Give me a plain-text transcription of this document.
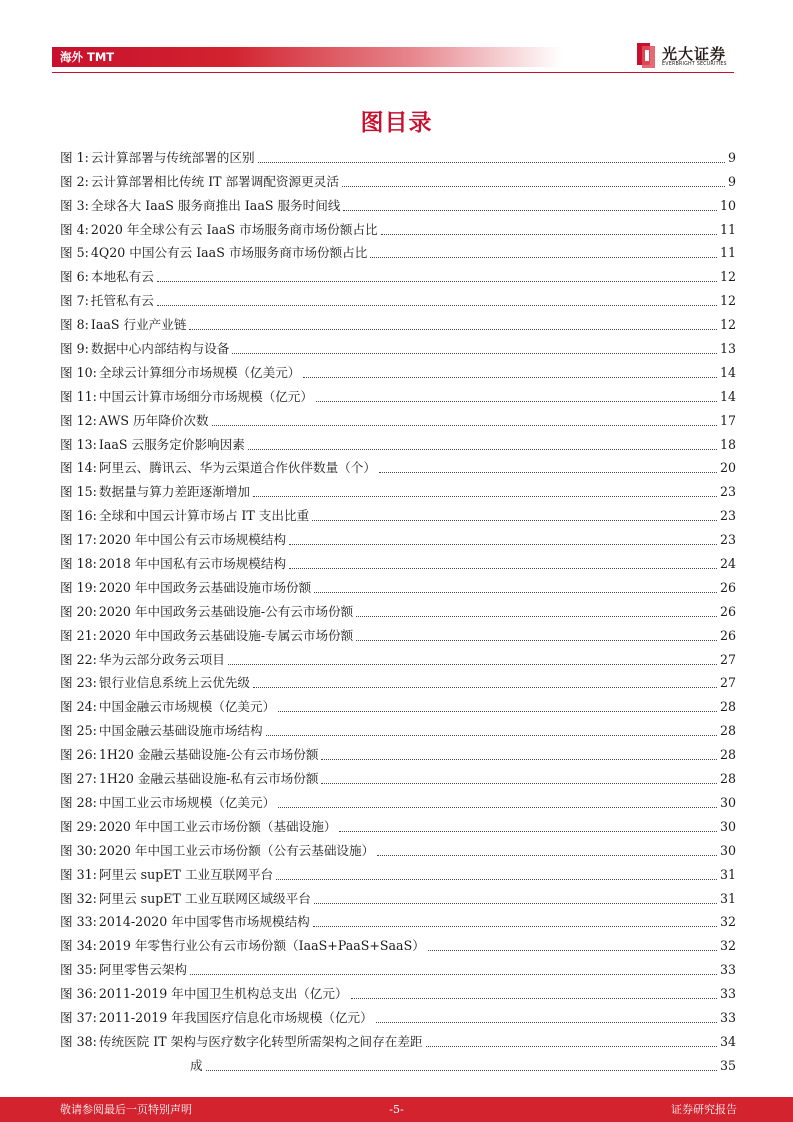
海外 TMT	光大证券
EVERBRIGHT SECURITIES
图目录
图 1: 云计算部署与传统部署的区别	9
图 2: 云计算部署相比传统 IT 部署调配资源更灵活	9
图 3: 全球各大 IaaS 服务商推出 IaaS 服务时间线	10
图 4: 2020 年全球公有云 IaaS 市场服务商市场份额占比	11
图 5: 4Q20 中国公有云 IaaS 市场服务商市场份额占比	11
图 6: 本地私有云	12
图 7: 托管私有云	12
图 8: IaaS 行业产业链	12
图 9: 数据中心内部结构与设备	13
图 10: 全球云计算细分市场规模（亿美元）	14
图 11: 中国云计算市场细分市场规模（亿元）	14
图 12: AWS 历年降价次数	17
图 13: IaaS 云服务定价影响因素	18
图 14: 阿里云、腾讯云、华为云渠道合作伙伴数量（个）	20
图 15: 数据量与算力差距逐渐增加	23
图 16: 全球和中国云计算市场占 IT 支出比重	23
图 17: 2020 年中国公有云市场规模结构	23
图 18: 2018 年中国私有云市场规模结构	24
图 19: 2020 年中国政务云基础设施市场份额	26
图 20: 2020 年中国政务云基础设施-公有云市场份额	26
图 21: 2020 年中国政务云基础设施-专属云市场份额	26
图 22: 华为云部分政务云项目	27
图 23: 银行业信息系统上云优先级	27
图 24: 中国金融云市场规模（亿美元）	28
图 25: 中国金融云基础设施市场结构	28
图 26: 1H20 金融云基础设施-公有云市场份额	28
图 27: 1H20 金融云基础设施-私有云市场份额	28
图 28: 中国工业云市场规模（亿美元）	30
图 29: 2020 年中国工业云市场份额（基础设施）	30
图 30: 2020 年中国工业云市场份额（公有云基础设施）	30
图 31: 阿里云 supET 工业互联网平台	31
图 32: 阿里云 supET 工业互联网区域级平台	31
图 33: 2014-2020 年中国零售市场规模结构	32
图 34: 2019 年零售行业公有云市场份额（IaaS+PaaS+SaaS）	32
图 35: 阿里零售云架构	33
图 36: 2011-2019 年中国卫生机构总支出（亿元）	33
图 37: 2011-2019 年我国医疗信息化市场规模（亿元）	33
图 38: 传统医院 IT 架构与医疗数字化转型所需架构之间存在差距	34
成	35
敬请参阅最后一页特别声明	-5-	证券研究报告
